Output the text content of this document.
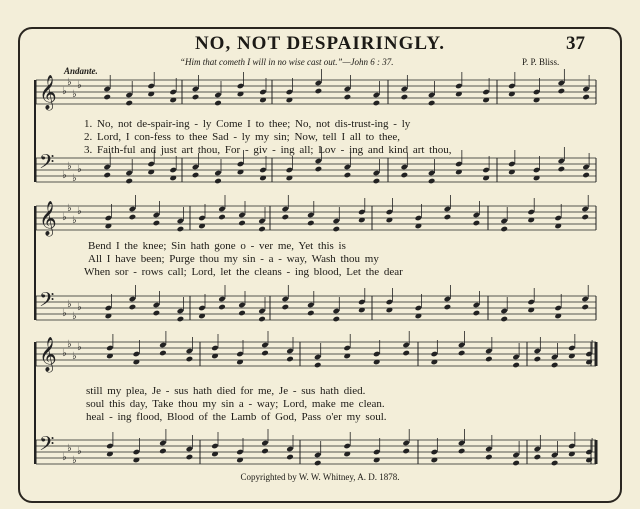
NO, NOT DESPAIRINGLY.	37
“Him that cometh I will in no wise cast out.”—John 6 : 37.	P. P. Bliss.
Andante.
𝄞 ♭
♭
♭
♭
𝄢 ♭
♭
♭
♭
𝄞 ♭
♭
♭
♭
𝄢 ♭
♭
♭
♭
𝄞 ♭
♭
♭
♭
𝄢 ♭
♭
♭
♭
1. No, not de-spair-ing - ly Come I to thee; No, not dis-trust-ing - ly
2. Lord, I con-fess to thee Sad - ly my sin; Now, tell I all to thee,
3. Faith-ful and just art thou, For - giv - ing all; Lov - ing and kind art thou,
Bend I the knee; Sin hath gone o - ver me, Yet this is
All I have been; Purge thou my sin - a - way, Wash thou my
When sor - rows call; Lord, let the cleans - ing blood, Let the dear
still my plea, Je - sus hath died for me, Je - sus hath died.
soul this day, Take thou my sin a - way; Lord, make me clean.
heal - ing flood, Blood of the Lamb of God, Pass o'er my soul.
Copyrighted by W. W. Whitney, A. D. 1878.
